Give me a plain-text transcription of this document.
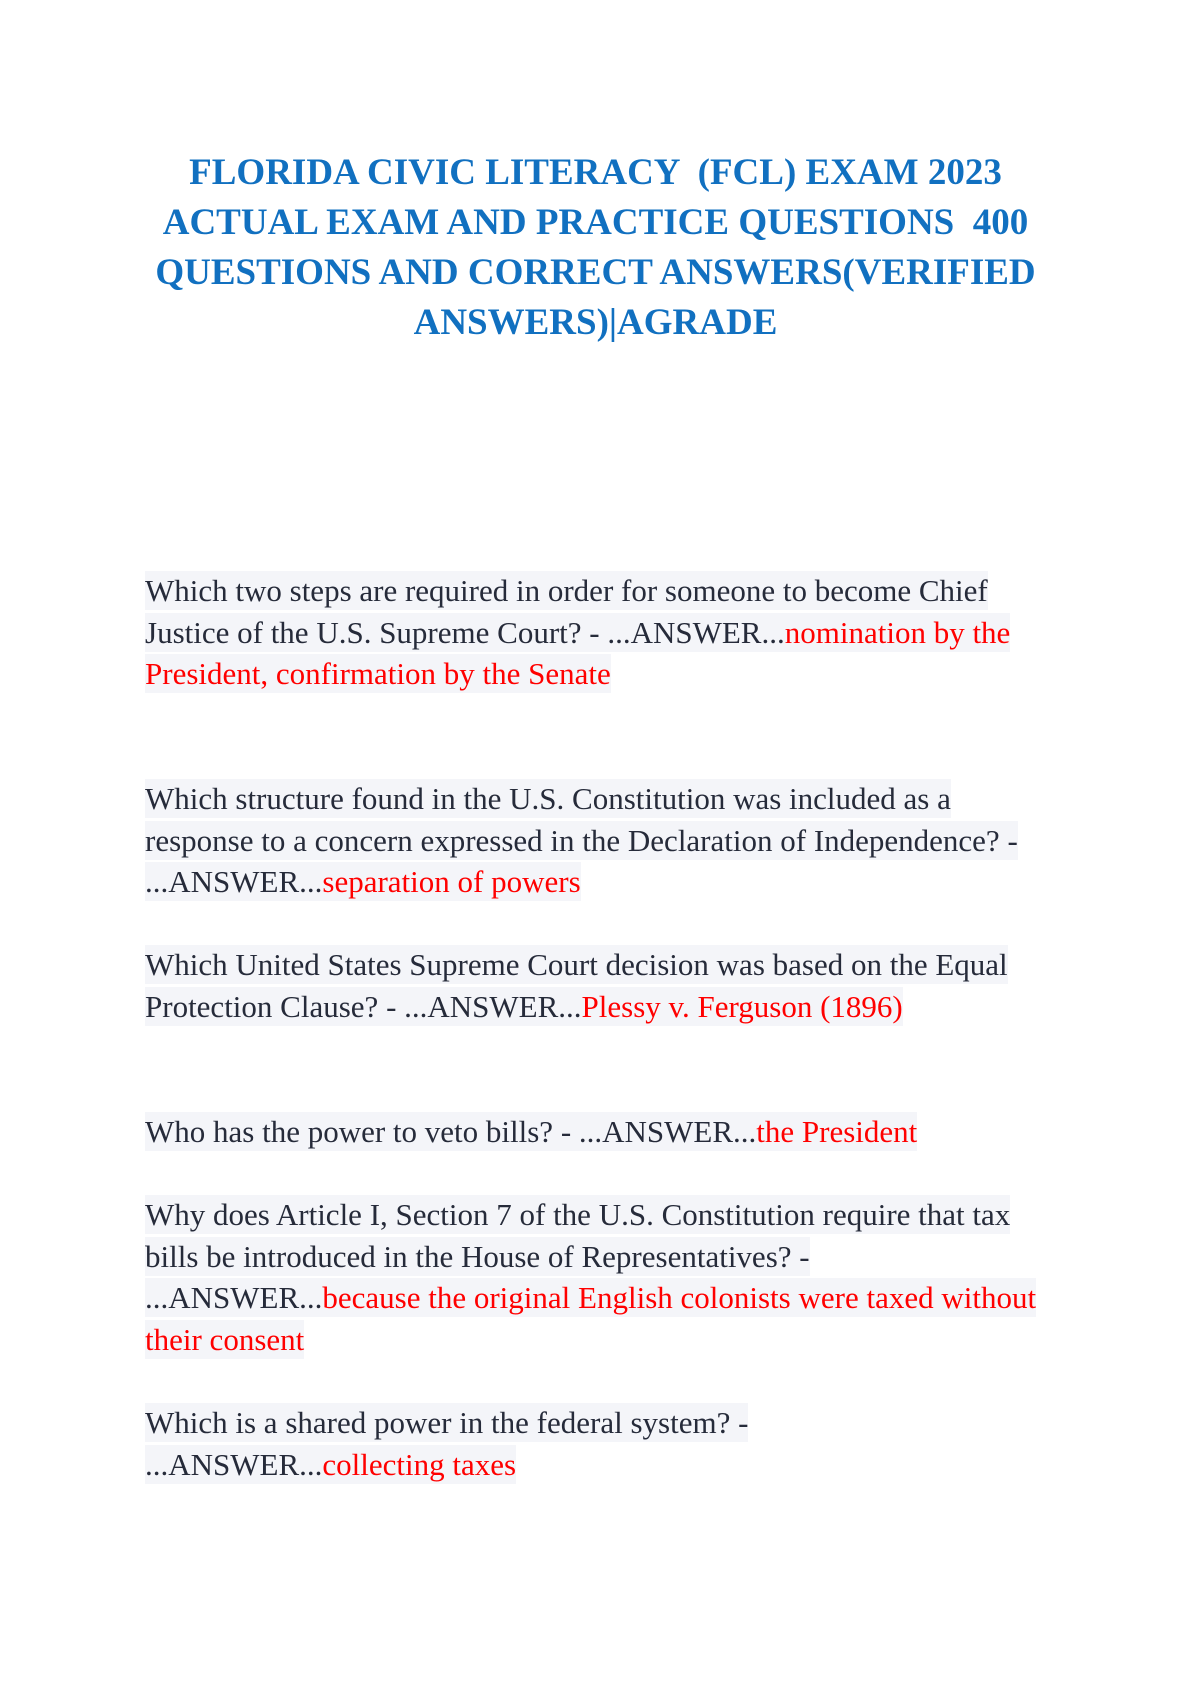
FLORIDA CIVIC LITERACY  (FCL) EXAM 2023 ACTUAL EXAM AND PRACTICE QUESTIONS  400 QUESTIONS AND CORRECT ANSWERS(VERIFIED ANSWERS)|AGRADE
Which two steps are required in order for someone to become Chief Justice of the U.S. Supreme Court? - ...ANSWER...nomination by the President, confirmation by the Senate
Which structure found in the U.S. Constitution was included as a response to a concern expressed in the Declaration of Independence? - ...ANSWER...separation of powers
Which United States Supreme Court decision was based on the Equal Protection Clause? - ...ANSWER...Plessy v. Ferguson (1896)
Who has the power to veto bills? - ...ANSWER...the President
Why does Article I, Section 7 of the U.S. Constitution require that tax bills be introduced in the House of Representatives? - ...ANSWER...because the original English colonists were taxed without their consent
Which is a shared power in the federal system? - ...ANSWER...collecting taxes
